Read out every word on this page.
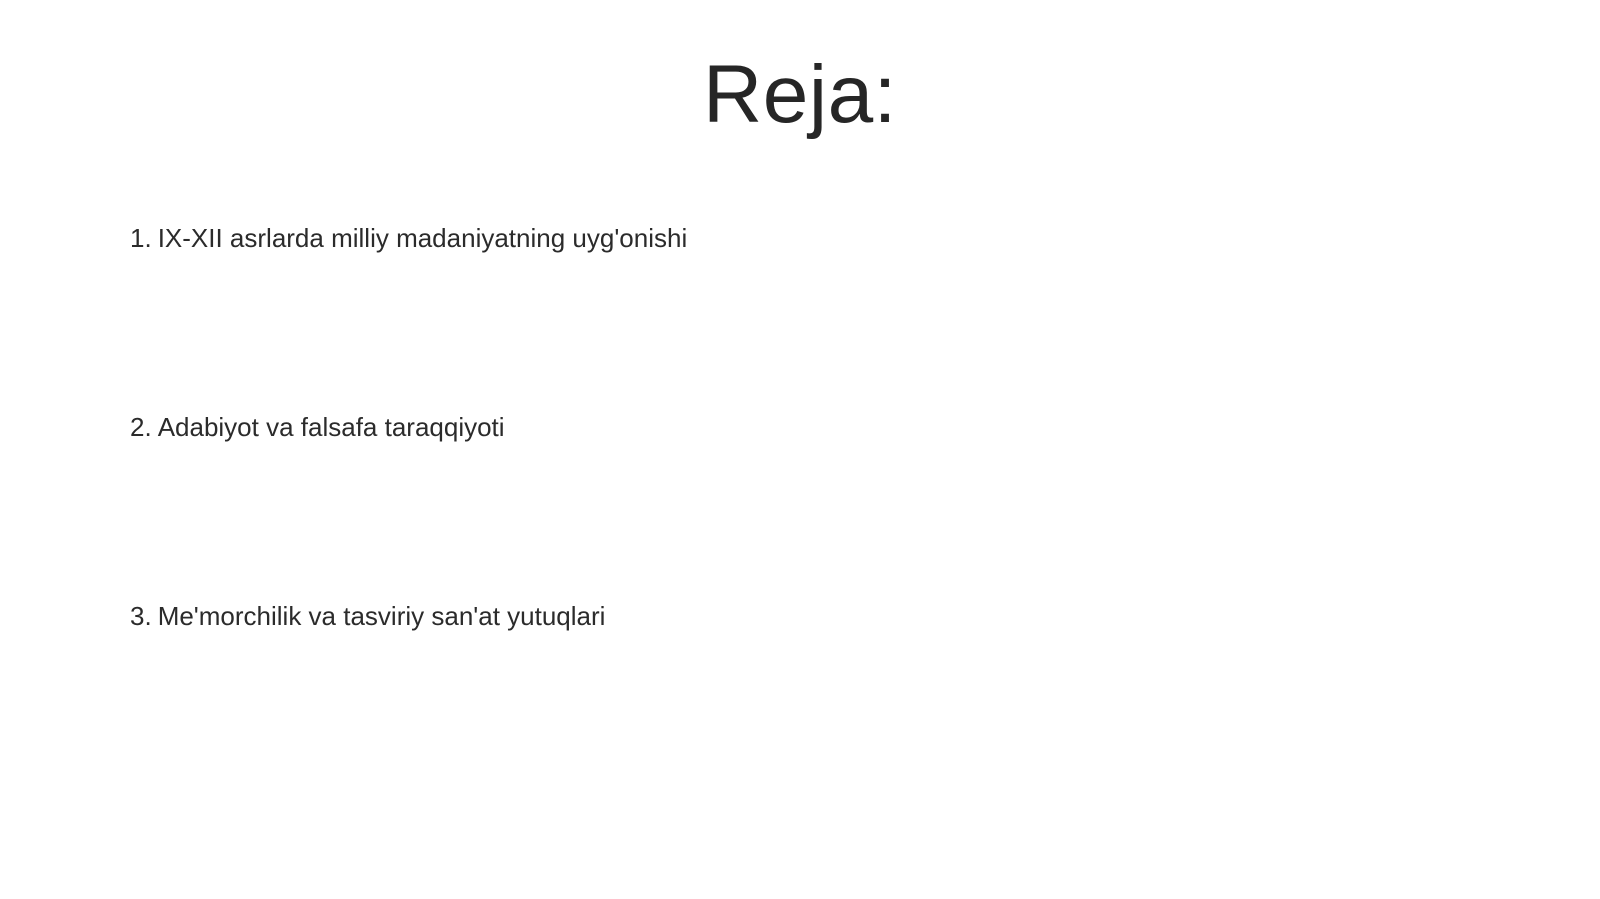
Reja:
1. IX-XII asrlarda milliy madaniyatning uyg'onishi
2. Adabiyot va falsafa taraqqiyoti
3. Me'morchilik va tasviriy san'at yutuqlari
